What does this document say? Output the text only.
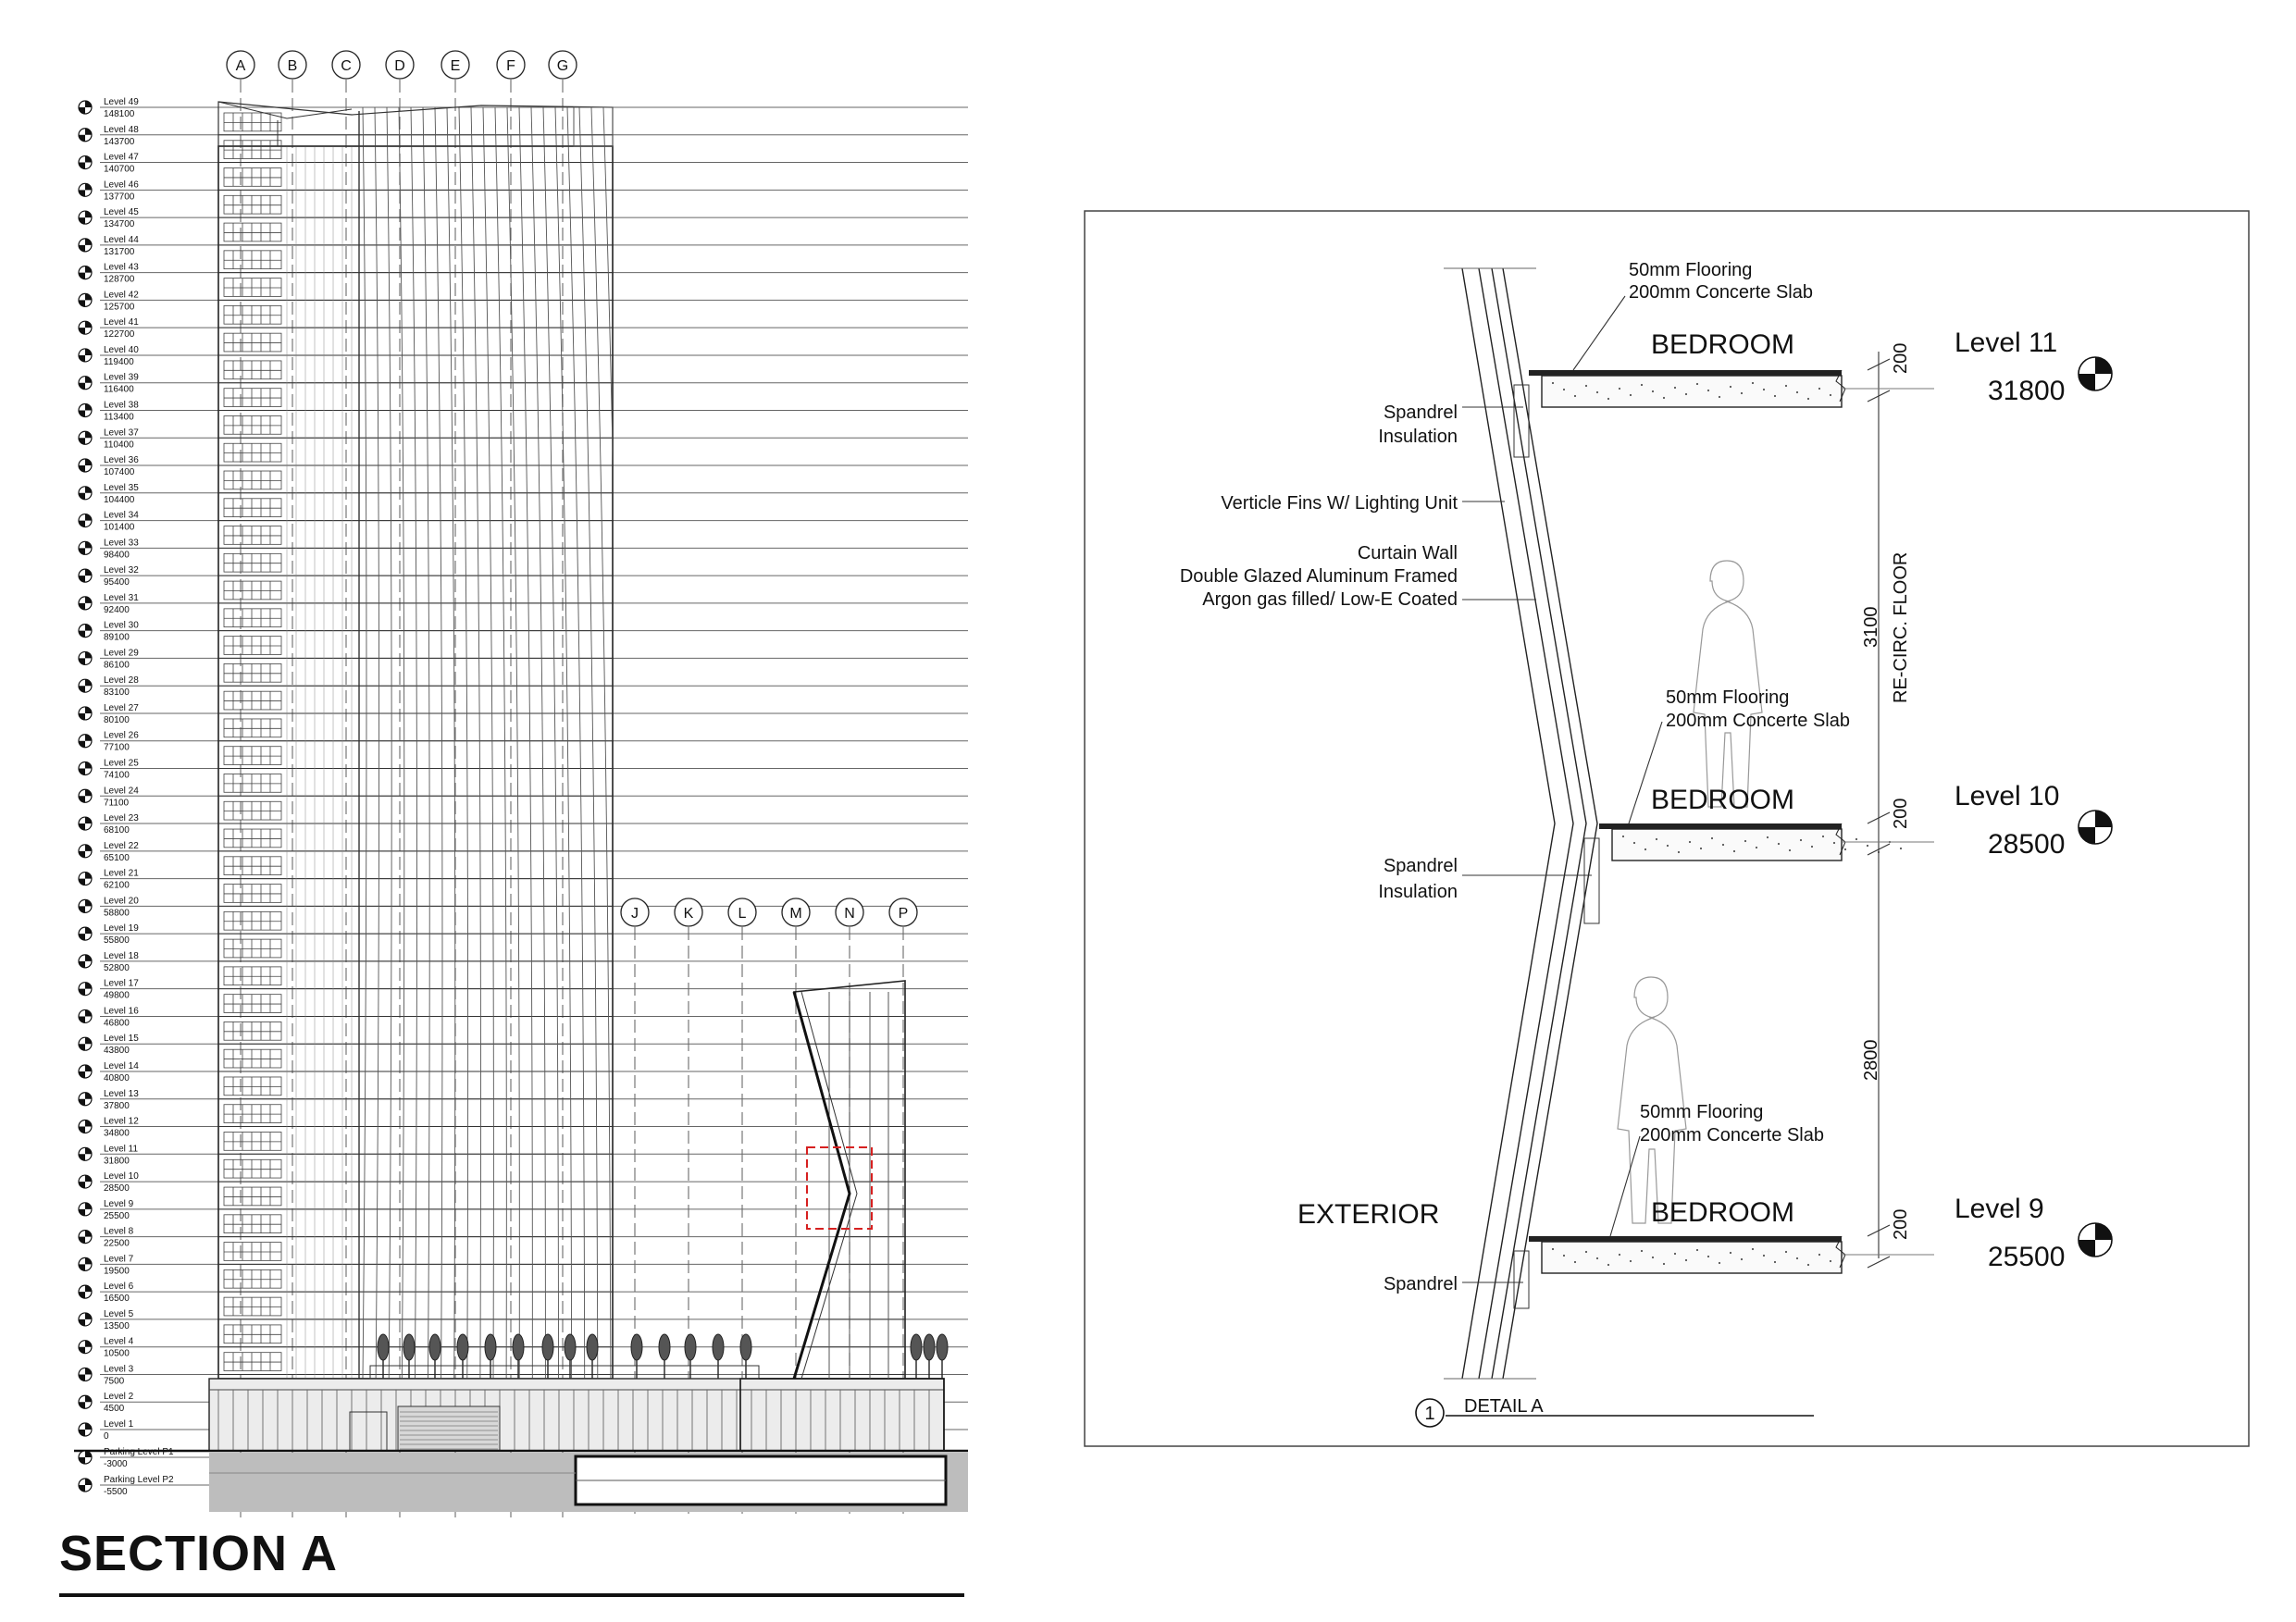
Level 49
148100
Level 48
143700
Level 47
140700
Level 46
137700
Level 45
134700
Level 44
131700
Level 43
128700
Level 42
125700
Level 41
122700
Level 40
119400
Level 39
116400
Level 38
113400
Level 37
110400
Level 36
107400
Level 35
104400
Level 34
101400
Level 33
98400
Level 32
95400
Level 31
92400
Level 30
89100
Level 29
86100
Level 28
83100
Level 27
80100
Level 26
77100
Level 25
74100
Level 24
71100
Level 23
68100
Level 22
65100
Level 21
62100
Level 20
58800
Level 19
55800
Level 18
52800
Level 17
49800
Level 16
46800
Level 15
43800
Level 14
40800
Level 13
37800
Level 12
34800
Level 11
31800
Level 10
28500
Level 9
25500
Level 8
22500
Level 7
19500
Level 6
16500
Level 5
13500
Level 4
10500
Level 3
7500
Level 2
4500
Level 1
0
Parking Level P1
-3000
Parking Level P2
-5500
A	B	C	D	E	F	G
J	K	L	M	N	P
50mm Flooring
200mm Concerte Slab
BEDROOM
Spandrel
Insulation
Verticle Fins W/ Lighting Unit
Curtain Wall
Double Glazed Aluminum Framed
Argon gas filled/ Low-E Coated
50mm Flooring
200mm Concerte Slab
BEDROOM
Spandrel
Insulation
50mm Flooring
200mm Concerte Slab
BEDROOM
EXTERIOR
Spandrel
200
200
200
3100 RE-CIRC. FLOOR
2800
1 DETAIL A
Level 11
31800
Level 10
28500
Level 9
25500
SECTION A
